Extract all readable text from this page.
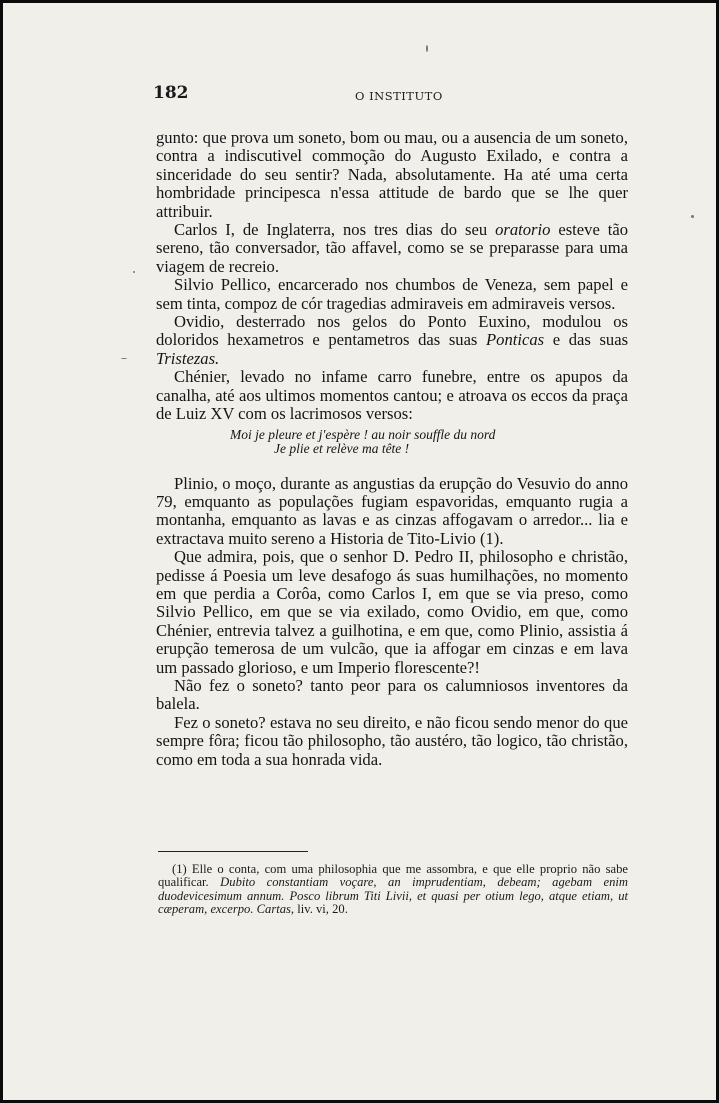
182	O INSTITUTO

gunto: que prova um soneto, bom ou mau, ou a ausencia de um soneto, contra a indiscutivel commoção do Augusto Exilado, e contra a sinceridade do seu sentir? Nada, absolutamente. Ha até uma certa hombridade principesca n'essa attitude de bardo que se lhe quer attribuir.

Carlos I, de Inglaterra, nos tres dias do seu oratorio esteve tão sereno, tão conversador, tão affavel, como se se preparasse para uma viagem de recreio.

Silvio Pellico, encarcerado nos chumbos de Veneza, sem papel e sem tinta, compoz de cór tragedias admiraveis em admiraveis versos.

Ovidio, desterrado nos gelos do Ponto Euxino, modulou os doloridos hexametros e pentametros das suas Ponticas e das suas Tristezas.

Chénier, levado no infame carro funebre, entre os apupos da canalha, até aos ultimos momentos cantou; e atroava os eccos da praça de Luiz XV com os lacrimosos versos:

Moi je pleure et j'espère ! au noir souffle du nord
Je plie et relève ma tête !

Plinio, o moço, durante as angustias da erupção do Vesuvio do anno 79, emquanto as populações fugiam espavoridas, emquanto rugia a montanha, emquanto as lavas e as cinzas affogavam o arredor... lia e extractava muito sereno a Historia de Tito-Livio (1).

Que admira, pois, que o senhor D. Pedro II, philosopho e christão, pedisse á Poesia um leve desafogo ás suas humilhações, no momento em que perdia a Corôa, como Carlos I, em que se via preso, como Silvio Pellico, em que se via exilado, como Ovidio, em que, como Chénier, entrevia talvez a guilhotina, e em que, como Plinio, assistia á erupção temerosa de um vulcão, que ia affogar em cinzas e em lava um passado glorioso, e um Imperio florescente?!

Não fez o soneto? tanto peor para os calumniosos inventores da balela.

Fez o soneto? estava no seu direito, e não ficou sendo menor do que sempre fôra; ficou tão philosopho, tão austéro, tão logico, tão christão, como em toda a sua honrada vida.

(1) Elle o conta, com uma philosophia que me assombra, e que elle proprio não sabe qualificar. Dubito constantiam voçare, an imprudentiam, debeam; agebam enim duodevicesimum annum. Posco librum Titi Livii, et quasi per otium lego, atque etiam, ut cæperam, excerpo. Cartas, liv. vi, 20.
